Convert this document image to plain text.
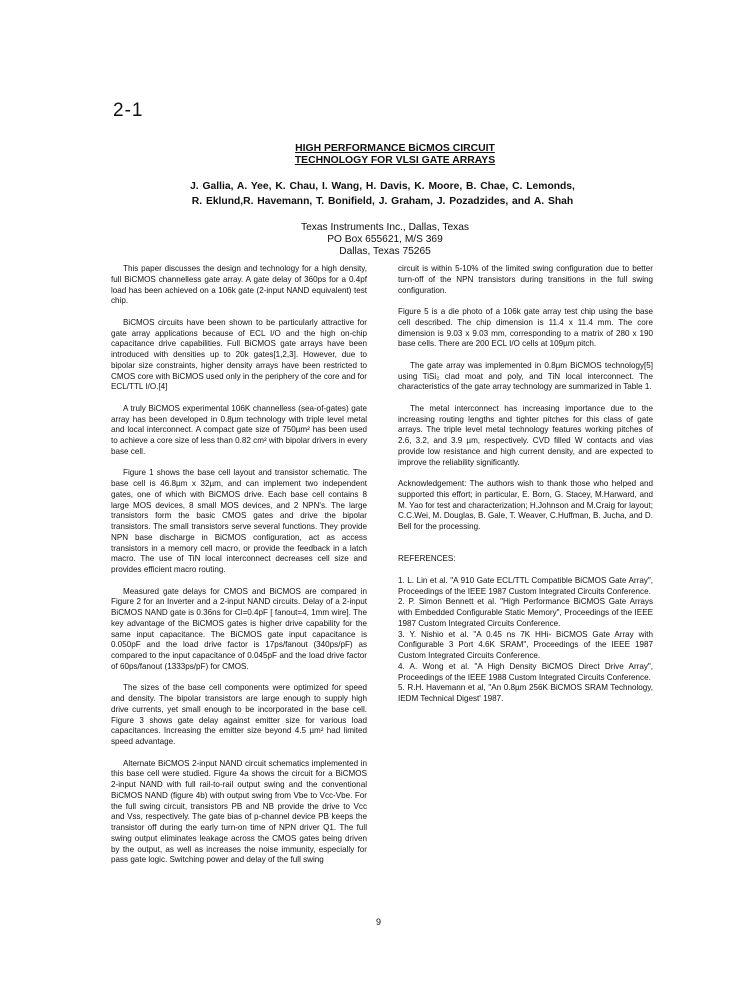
2-1
HIGH PERFORMANCE BiCMOS CIRCUIT
TECHNOLOGY FOR VLSI GATE ARRAYS
J. Gallia, A. Yee, K. Chau, I. Wang, H. Davis, K. Moore, B. Chae, C. Lemonds,
R. Eklund,R. Havemann, T. Bonifield, J. Graham, J. Pozadzides, and A. Shah
Texas Instruments Inc., Dallas, Texas
PO Box 655621, M/S 369
Dallas, Texas 75265

This paper discusses the design and technology for a high density, full BiCMOS channelless gate array. A gate delay of 360ps for a 0.4pf load has been achieved on a 106k gate (2-input NAND equivalent) test chip.

BiCMOS circuits have been shown to be particularly attractive for gate array applications because of ECL I/O and the high on-chip capacitance drive capabilities. Full BiCMOS gate arrays have been introduced with densities up to 20k gates[1,2,3]. However, due to bipolar size constraints, higher density arrays have been restricted to CMOS core with BiCMOS used only in the periphery of the core and for ECL/TTL I/O.[4]

A truly BiCMOS experimental 106K channelless (sea-of-gates) gate array has been developed in 0.8µm technology with triple level metal and local interconnect. A compact gate size of 750µm² has been used to achieve a core size of less than 0.82 cm² with bipolar drivers in every base cell.

Figure 1 shows the base cell layout and transistor schematic. The base cell is 46.8µm x 32µm, and can implement two independent gates, one of which with BiCMOS drive. Each base cell contains 8 large MOS devices, 8 small MOS devices, and 2 NPN's. The large transistors form the basic CMOS gates and drive the bipolar transistors. The small transistors serve several functions. They provide NPN base discharge in BiCMOS configuration, act as access transistors in a memory cell macro, or provide the feedback in a latch macro. The use of TiN local interconnect decreases cell size and provides efficient macro routing.

Measured gate delays for CMOS and BiCMOS are compared in Figure 2 for an Inverter and a 2-input NAND circuits. Delay of a 2-input BiCMOS NAND gate is 0.36ns for Cl=0.4pF [ fanout=4, 1mm wire]. The key advantage of the BiCMOS gates is higher drive capability for the same input capacitance. The BiCMOS gate input capacitance is 0.050pF and the load drive factor is 17ps/fanout (340ps/pF) as compared to the input capacitance of 0.045pF and the load drive factor of 60ps/fanout (1333ps/pF) for CMOS.

The sizes of the base cell components were optimized for speed and density. The bipolar transistors are large enough to supply high drive currents, yet small enough to be incorporated in the base cell. Figure 3 shows gate delay against emitter size for various load capacitances. Increasing the emitter size beyond 4.5 µm² had limited speed advantage.

Alternate BiCMOS 2-input NAND circuit schematics implemented in this base cell were studied. Figure 4a shows the circuit for a BiCMOS 2-input NAND with full rail-to-rail output swing and the conventional BiCMOS NAND (figure 4b) with output swing from Vbe to Vcc-Vbe. For the full swing circuit, transistors PB and NB provide the drive to Vcc and Vss, respectively. The gate bias of p-channel device PB keeps the transistor off during the early turn-on time of NPN driver Q1. The full swing output eliminates leakage across the CMOS gates being driven by the output, as well as increases the noise immunity, especially for pass gate logic. Switching power and delay of the full swing

circuit is within 5-10% of the limited swing configuration due to better turn-off of the NPN transistors during transitions in the full swing configuration.

Figure 5 is a die photo of a 106k gate array test chip using the base cell described. The chip dimension is 11.4 x 11.4 mm. The core dimension is 9.03 x 9.03 mm, corresponding to a matrix of 280 x 190 base cells. There are 200 ECL I/O cells at 109µm pitch.

The gate array was implemented in 0.8µm BiCMOS technology[5] using TiSi₂ clad moat and poly, and TiN local interconnect. The characteristics of the gate array technology are summarized in Table 1.

The metal interconnect has increasing importance due to the increasing routing lengths and tighter pitches for this class of gate arrays. The triple level metal technology features working pitches of 2.6, 3.2, and 3.9 µm, respectively. CVD filled W contacts and vias provide low resistance and high current density, and are expected to improve the reliability significantly.

Acknowledgement: The authors wish to thank those who helped and supported this effort; in particular, E. Born, G. Stacey, M.Harward, and M. Yao for test and characterization; H.Johnson and M.Craig for layout; C.C.Wei, M. Douglas, B. Gale, T. Weaver, C.Huffman, B. Jucha, and D. Bell for the processing.

REFERENCES:

1. L. Lin et al. "A 910 Gate ECL/TTL Compatible BiCMOS Gate Array", Proceedings of the IEEE 1987 Custom Integrated Circuits Conference.

2. P. Simon Bennett et al. "High Performance BiCMOS Gate Arrays with Embedded Configurable Static Memory", Proceedings of the IEEE 1987 Custom Integrated Circuits Conference.

3. Y. Nishio et al. "A 0.45 ns 7K HHi- BiCMOS Gate Array with Configurable 3 Port 4.6K SRAM", Proceedings of the IEEE 1987 Custom Integrated Circuits Conference.

4. A. Wong et al. "A High Density BiCMOS Direct Drive Array", Proceedings of the IEEE 1988 Custom Integrated Circuits Conference.

5. R.H. Havemann et al, "An 0.8µm 256K BiCMOS SRAM Technology, IEDM Technical Digest' 1987.

9
